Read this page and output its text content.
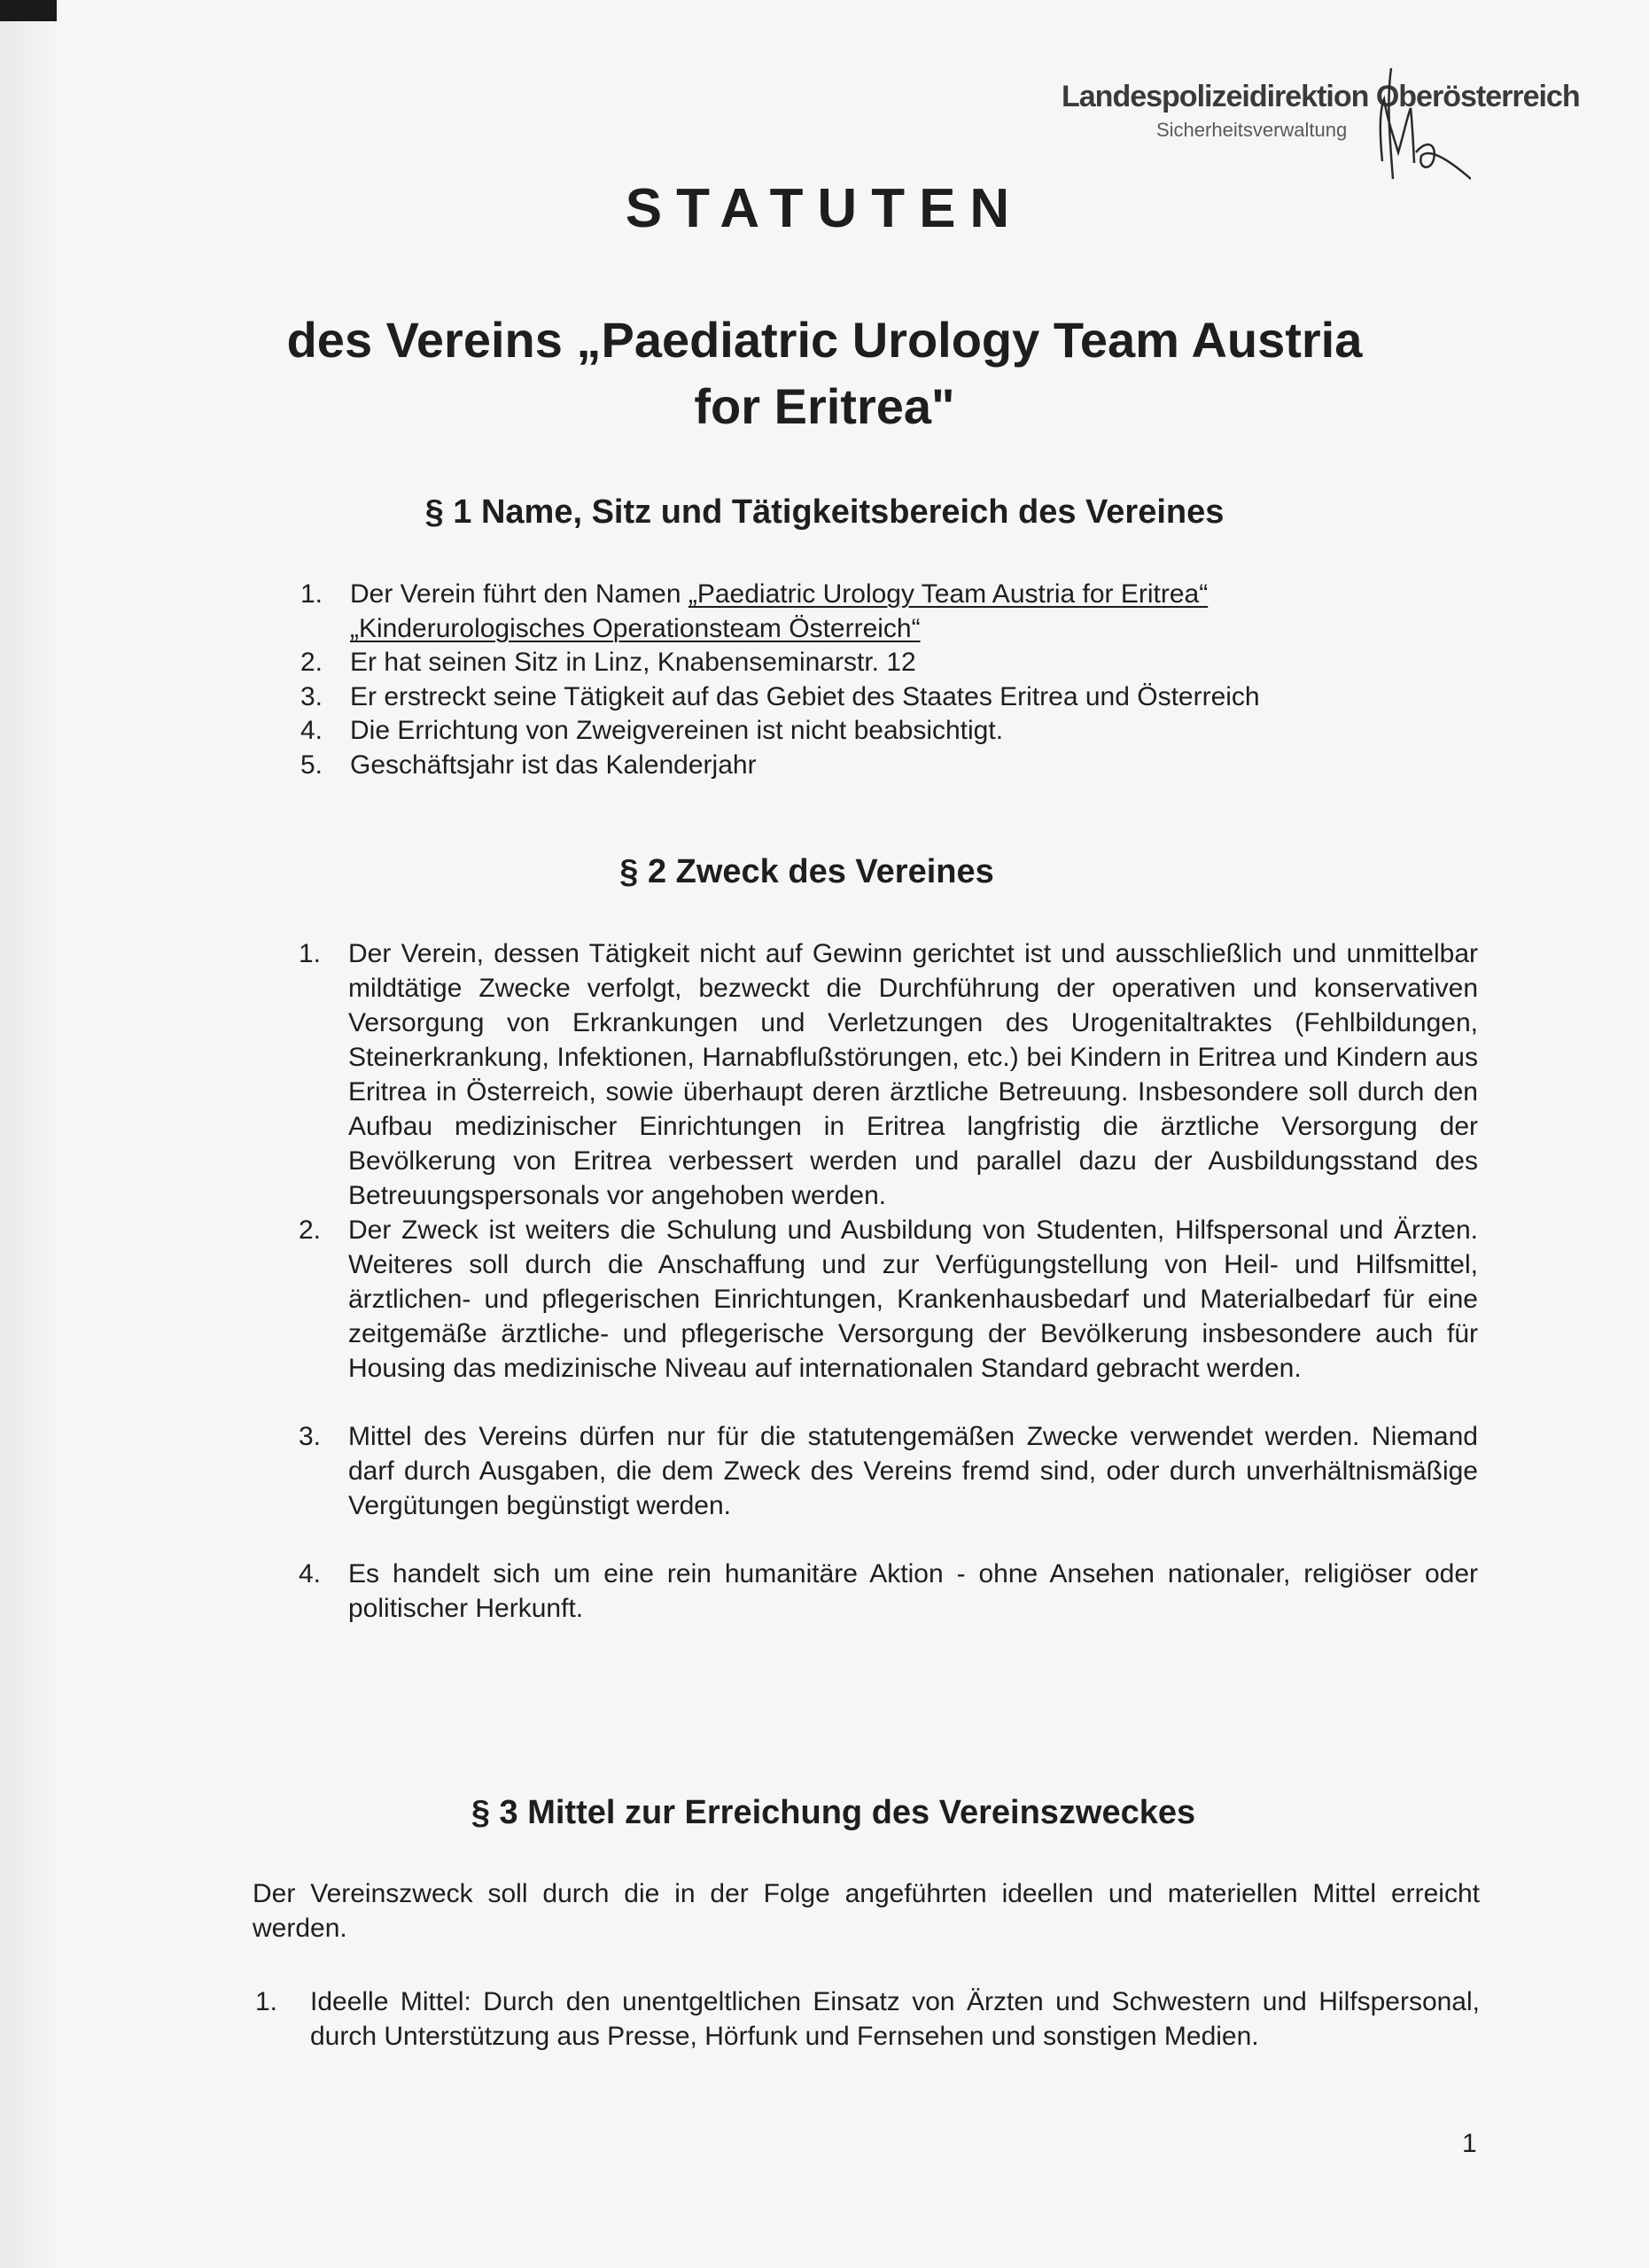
Landespolizeidirektion Oberösterreich
Sicherheitsverwaltung
STATUTEN
des Vereins „Paediatric Urology Team Austria
for Eritrea"
§ 1 Name, Sitz und Tätigkeitsbereich des Vereines
1. Der Verein führt den Namen „Paediatric Urology Team Austria for Eritrea“
„Kinderurologisches Operationsteam Österreich“
2. Er hat seinen Sitz in Linz, Knabenseminarstr. 12
3. Er erstreckt seine Tätigkeit auf das Gebiet des Staates Eritrea und Österreich
4. Die Errichtung von Zweigvereinen ist nicht beabsichtigt.
5. Geschäftsjahr ist das Kalenderjahr
§ 2 Zweck des Vereines
1. Der Verein, dessen Tätigkeit nicht auf Gewinn gerichtet ist und ausschließlich und unmittelbar mildtätige Zwecke verfolgt, bezweckt die Durchführung der operativen und konservativen Versorgung von Erkrankungen und Verletzungen des Urogenitaltraktes (Fehlbildungen, Steinerkrankung, Infektionen, Harnabflußstörungen, etc.) bei Kindern in Eritrea und Kindern aus Eritrea in Österreich, sowie überhaupt deren ärztliche Betreuung. Insbesondere soll durch den Aufbau medizinischer Einrichtungen in Eritrea langfristig die ärztliche Versorgung der Bevölkerung von Eritrea verbessert werden und parallel dazu der Ausbildungsstand des Betreuungspersonals vor angehoben werden.

2. Der Zweck ist weiters die Schulung und Ausbildung von Studenten, Hilfspersonal und Ärzten. Weiteres soll durch die Anschaffung und zur Verfügungstellung von Heil- und Hilfsmittel, ärztlichen- und pflegerischen Einrichtungen, Krankenhausbedarf und Materialbedarf für eine zeitgemäße ärztliche- und pflegerische Versorgung der Bevölkerung insbesondere auch für Housing das medizinische Niveau auf internationalen Standard gebracht werden.

3. Mittel des Vereins dürfen nur für die statutengemäßen Zwecke verwendet werden. Niemand darf durch Ausgaben, die dem Zweck des Vereins fremd sind, oder durch unverhältnismäßige Vergütungen begünstigt werden.

4. Es handelt sich um eine rein humanitäre Aktion - ohne Ansehen nationaler, religiöser oder politischer Herkunft.

§ 3 Mittel zur Erreichung des Vereinszweckes

Der Vereinszweck soll durch die in der Folge angeführten ideellen und materiellen Mittel erreicht werden.

1. Ideelle Mittel: Durch den unentgeltlichen Einsatz von Ärzten und Schwestern und Hilfspersonal, durch Unterstützung aus Presse, Hörfunk und Fernsehen und sonstigen Medien.

1
